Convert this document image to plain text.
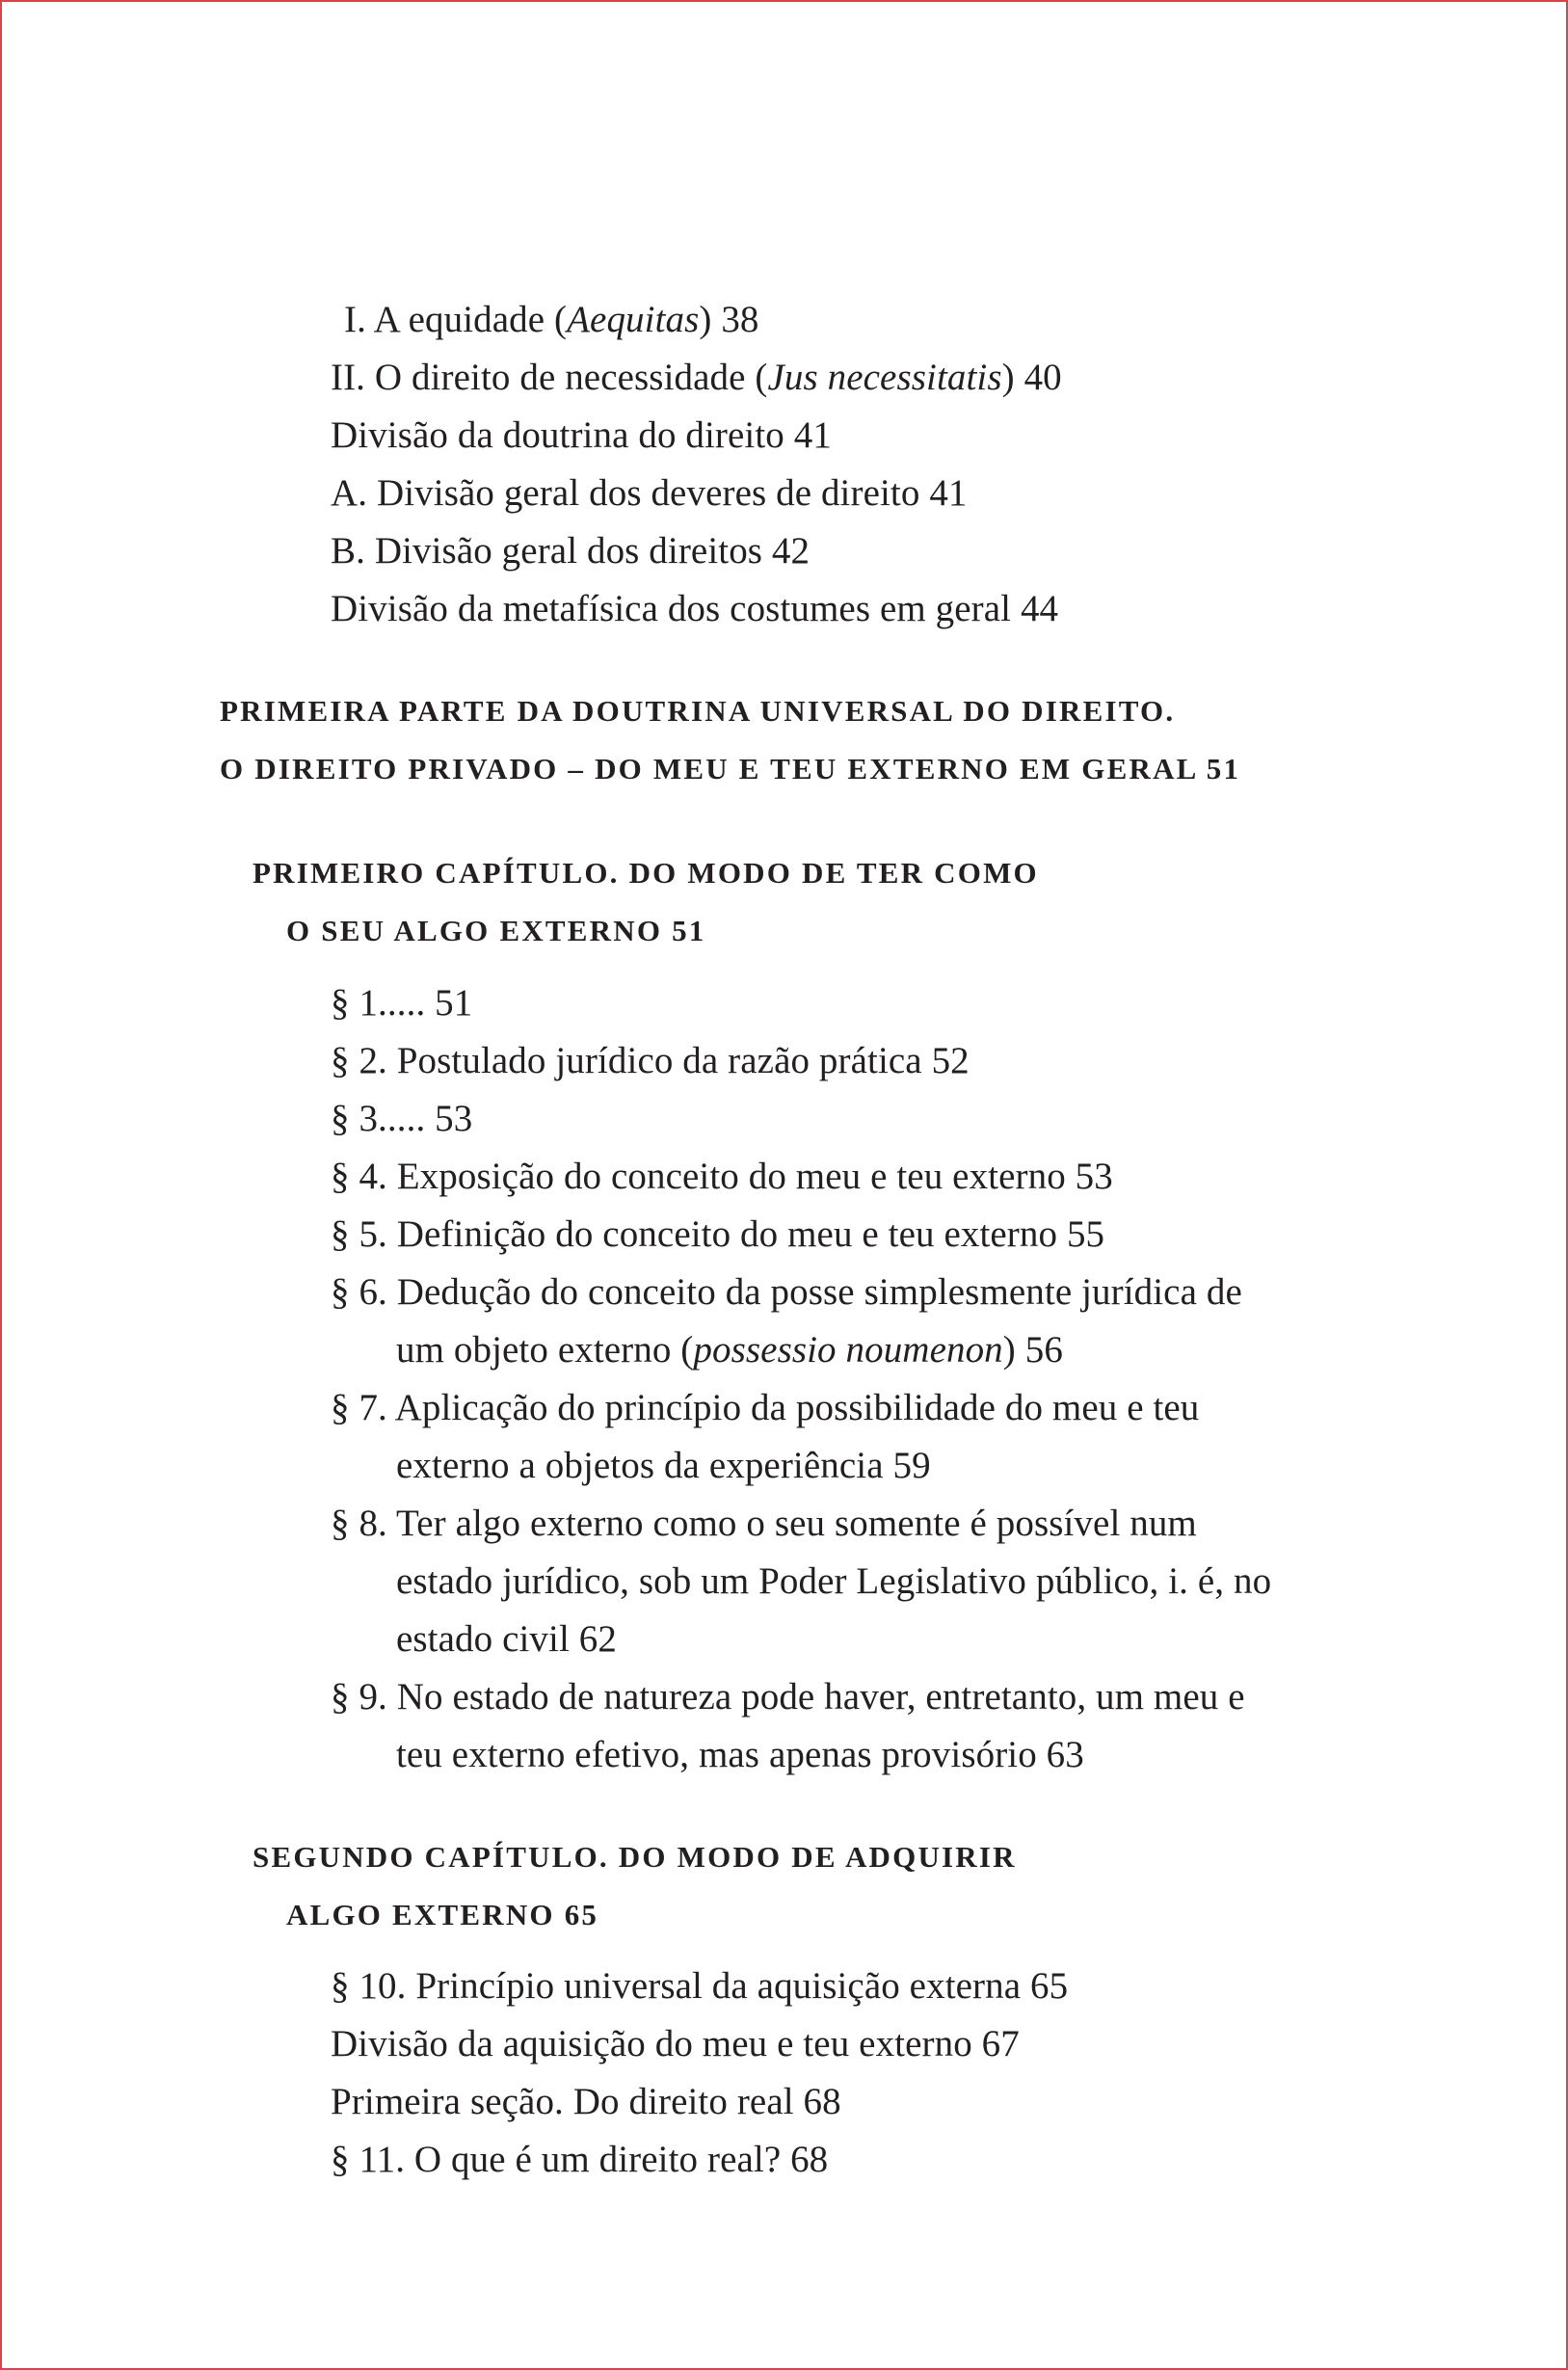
I. A equidade (Aequitas) 38
II. O direito de necessidade (Jus necessitatis) 40
Divisão da doutrina do direito 41
A. Divisão geral dos deveres de direito 41
B. Divisão geral dos direitos 42
Divisão da metafísica dos costumes em geral 44
PRIMEIRA PARTE DA DOUTRINA UNIVERSAL DO DIREITO.
O DIREITO PRIVADO – DO MEU E TEU EXTERNO EM GERAL 51
PRIMEIRO CAPÍTULO. DO MODO DE TER COMO
O SEU ALGO EXTERNO 51
§ 1..... 51
§ 2. Postulado jurídico da razão prática 52
§ 3..... 53
§ 4. Exposição do conceito do meu e teu externo 53
§ 5. Definição do conceito do meu e teu externo 55
§ 6. Dedução do conceito da posse simplesmente jurídica de
um objeto externo (possessio noumenon) 56
§ 7. Aplicação do princípio da possibilidade do meu e teu
externo a objetos da experiência 59
§ 8. Ter algo externo como o seu somente é possível num
estado jurídico, sob um Poder Legislativo público, i. é, no
estado civil 62
§ 9. No estado de natureza pode haver, entretanto, um meu e
teu externo efetivo, mas apenas provisório 63
SEGUNDO CAPÍTULO. DO MODO DE ADQUIRIR
ALGO EXTERNO 65
§ 10. Princípio universal da aquisição externa 65
Divisão da aquisição do meu e teu externo 67
Primeira seção. Do direito real 68
§ 11. O que é um direito real? 68
